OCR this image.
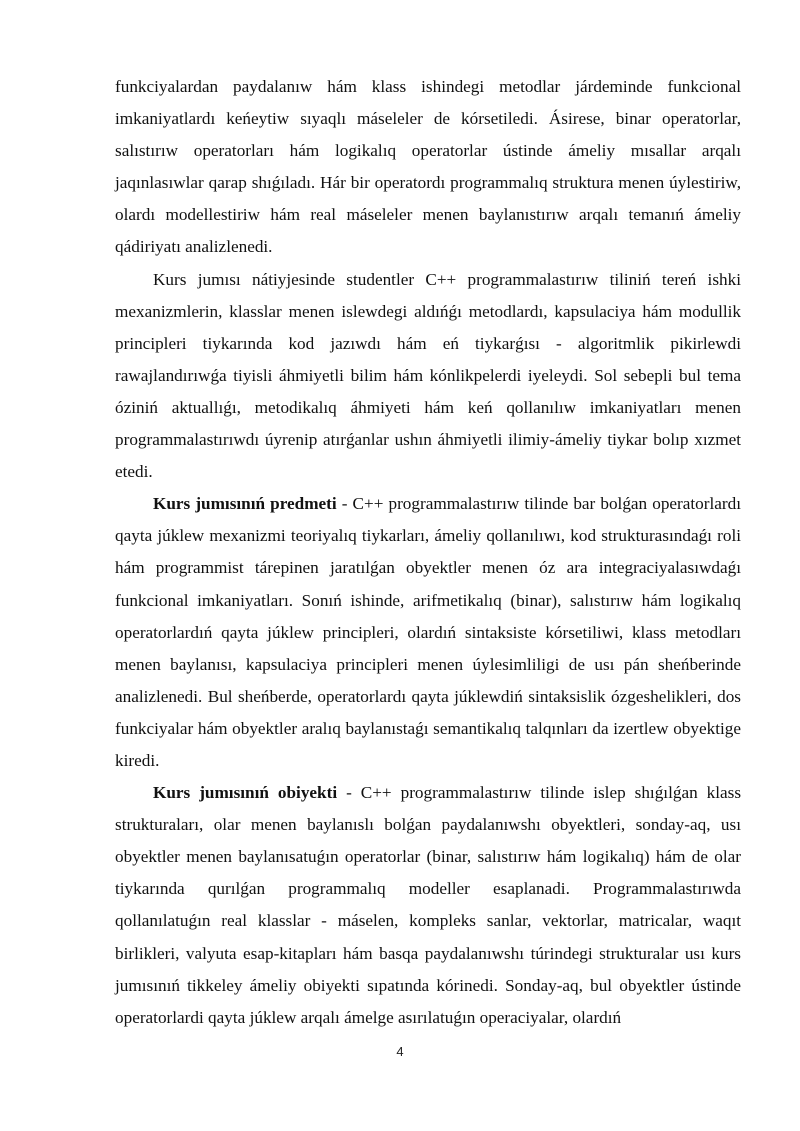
funkciyalardan paydalanıw hám klass ishindegi metodlar járdeminde funkcional imkaniyatlardı keńeytiw sıyaqlı máseleler de kórsetiledi. Ásirese, binar operatorlar, salıstırıw operatorları hám logikalıq operatorlar ústinde ámeliy mısallar arqalı jaqınlasıwlar qarap shıǵıladı. Hár bir operatordı programmalıq struktura menen úylestiriw, olardı modellestiriw hám real máseleler menen baylanıstırıw arqalı temanıń ámeliy qádiriyatı analizlenedi.

Kurs jumısı nátiyjesinde studentler C++ programmalastırıw tiliniń tereń ishki mexanizmlerin, klasslar menen islewdegi aldıńǵı metodlardı, kapsulaciya hám modullik principleri tiykarında kod jazıwdı hám eń tiykarǵısı - algoritmlik pikirlewdi rawajlandırıwǵa tiyisli áhmiyetli bilim hám kónlikpelerdi iyeleydi. Sol sebepli bul tema óziniń aktuallıǵı, metodikalıq áhmiyeti hám keń qollanılıw imkaniyatları menen programmalastırıwdı úyrenip atırǵanlar ushın áhmiyetli ilimiy-ámeliy tiykar bolıp xızmet etedi.

Kurs jumısınıń predmeti - C++ programmalastırıw tilinde bar bolǵan operatorlardı qayta júklew mexanizmi teoriyalıq tiykarları, ámeliy qollanılıwı, kod strukturasındaǵı roli hám programmist tárepinen jaratılǵan obyektler menen óz ara integraciyalasıwdaǵı funkcional imkaniyatları. Sonıń ishinde, arifmetikalıq (binar), salıstırıw hám logikalıq operatorlardıń qayta júklew principleri, olardıń sintaksiste kórsetiliwi, klass metodları menen baylanısı, kapsulaciya principleri menen úylesimliligi de usı pán sheńberinde analizlenedi. Bul sheńberde, operatorlardı qayta júklewdiń sintaksislik ózgeshelikleri, dos funkciyalar hám obyektler aralıq baylanıstaǵı semantikalıq talqınları da izertlew obyektige kiredi.

Kurs jumısınıń obiyekti - C++ programmalastırıw tilinde islep shıǵılǵan klass strukturaları, olar menen baylanıslı bolǵan paydalanıwshı obyektleri, sonday-aq, usı obyektler menen baylanısatuǵın operatorlar (binar, salıstırıw hám logikalıq) hám de olar tiykarında qurılǵan programmalıq modeller esaplanadi. Programmalastırıwda qollanılatuǵın real klasslar - máselen, kompleks sanlar, vektorlar, matricalar, waqıt birlikleri, valyuta esap-kitapları hám basqa paydalanıwshı túrindegi strukturalar usı kurs jumısınıń tikkeley ámeliy obiyekti sıpatında kórinedi. Sonday-aq, bul obyektler ústinde operatorlardi qayta júklew arqalı ámelge asırılatuǵın operaciyalar, olardıń

4
